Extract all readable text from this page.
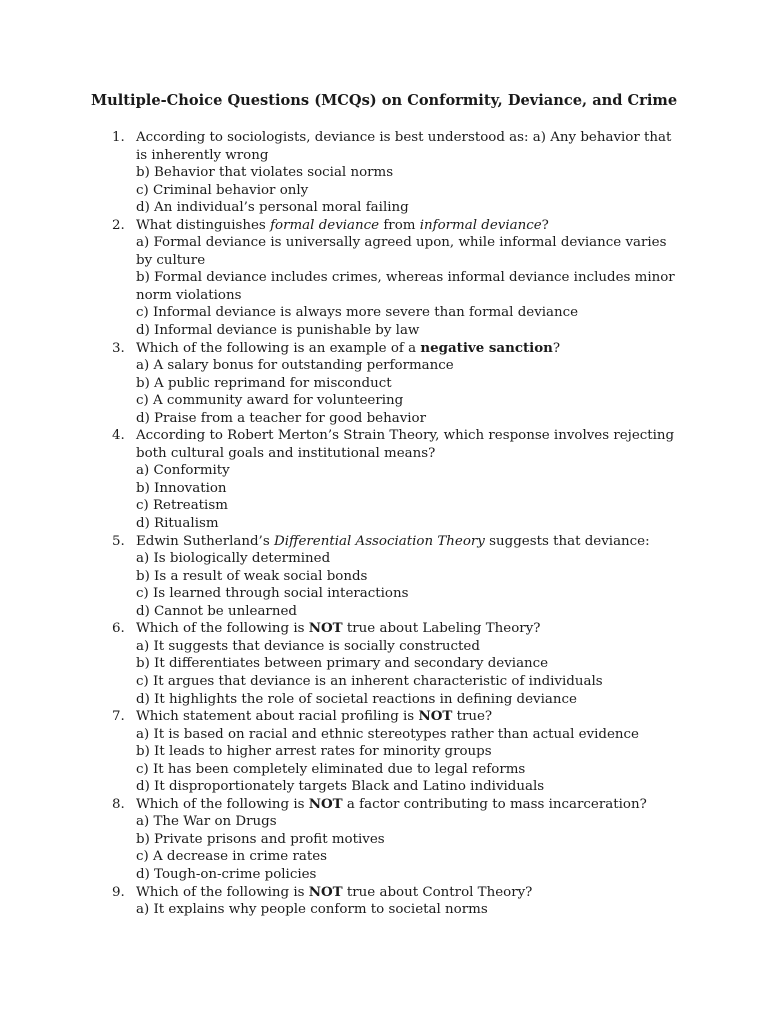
Multiple-Choice Questions (MCQs) on Conformity, Deviance, and Crime
1. According to sociologists, deviance is best understood as: a) Any behavior that is inherently wrong
b) Behavior that violates social norms
c) Criminal behavior only
d) An individual’s personal moral failing
2. What distinguishes formal deviance from informal deviance?
a) Formal deviance is universally agreed upon, while informal deviance varies by culture
b) Formal deviance includes crimes, whereas informal deviance includes minor norm violations
c) Informal deviance is always more severe than formal deviance
d) Informal deviance is punishable by law
3. Which of the following is an example of a negative sanction?
a) A salary bonus for outstanding performance
b) A public reprimand for misconduct
c) A community award for volunteering
d) Praise from a teacher for good behavior
4. According to Robert Merton’s Strain Theory, which response involves rejecting both cultural goals and institutional means?
a) Conformity
b) Innovation
c) Retreatism
d) Ritualism
5. Edwin Sutherland’s Differential Association Theory suggests that deviance:
a) Is biologically determined
b) Is a result of weak social bonds
c) Is learned through social interactions
d) Cannot be unlearned
6. Which of the following is NOT true about Labeling Theory?
a) It suggests that deviance is socially constructed
b) It differentiates between primary and secondary deviance
c) It argues that deviance is an inherent characteristic of individuals
d) It highlights the role of societal reactions in defining deviance
7. Which statement about racial profiling is NOT true?
a) It is based on racial and ethnic stereotypes rather than actual evidence
b) It leads to higher arrest rates for minority groups
c) It has been completely eliminated due to legal reforms
d) It disproportionately targets Black and Latino individuals
8. Which of the following is NOT a factor contributing to mass incarceration?
a) The War on Drugs
b) Private prisons and profit motives
c) A decrease in crime rates
d) Tough-on-crime policies
9. Which of the following is NOT true about Control Theory?
a) It explains why people conform to societal norms
